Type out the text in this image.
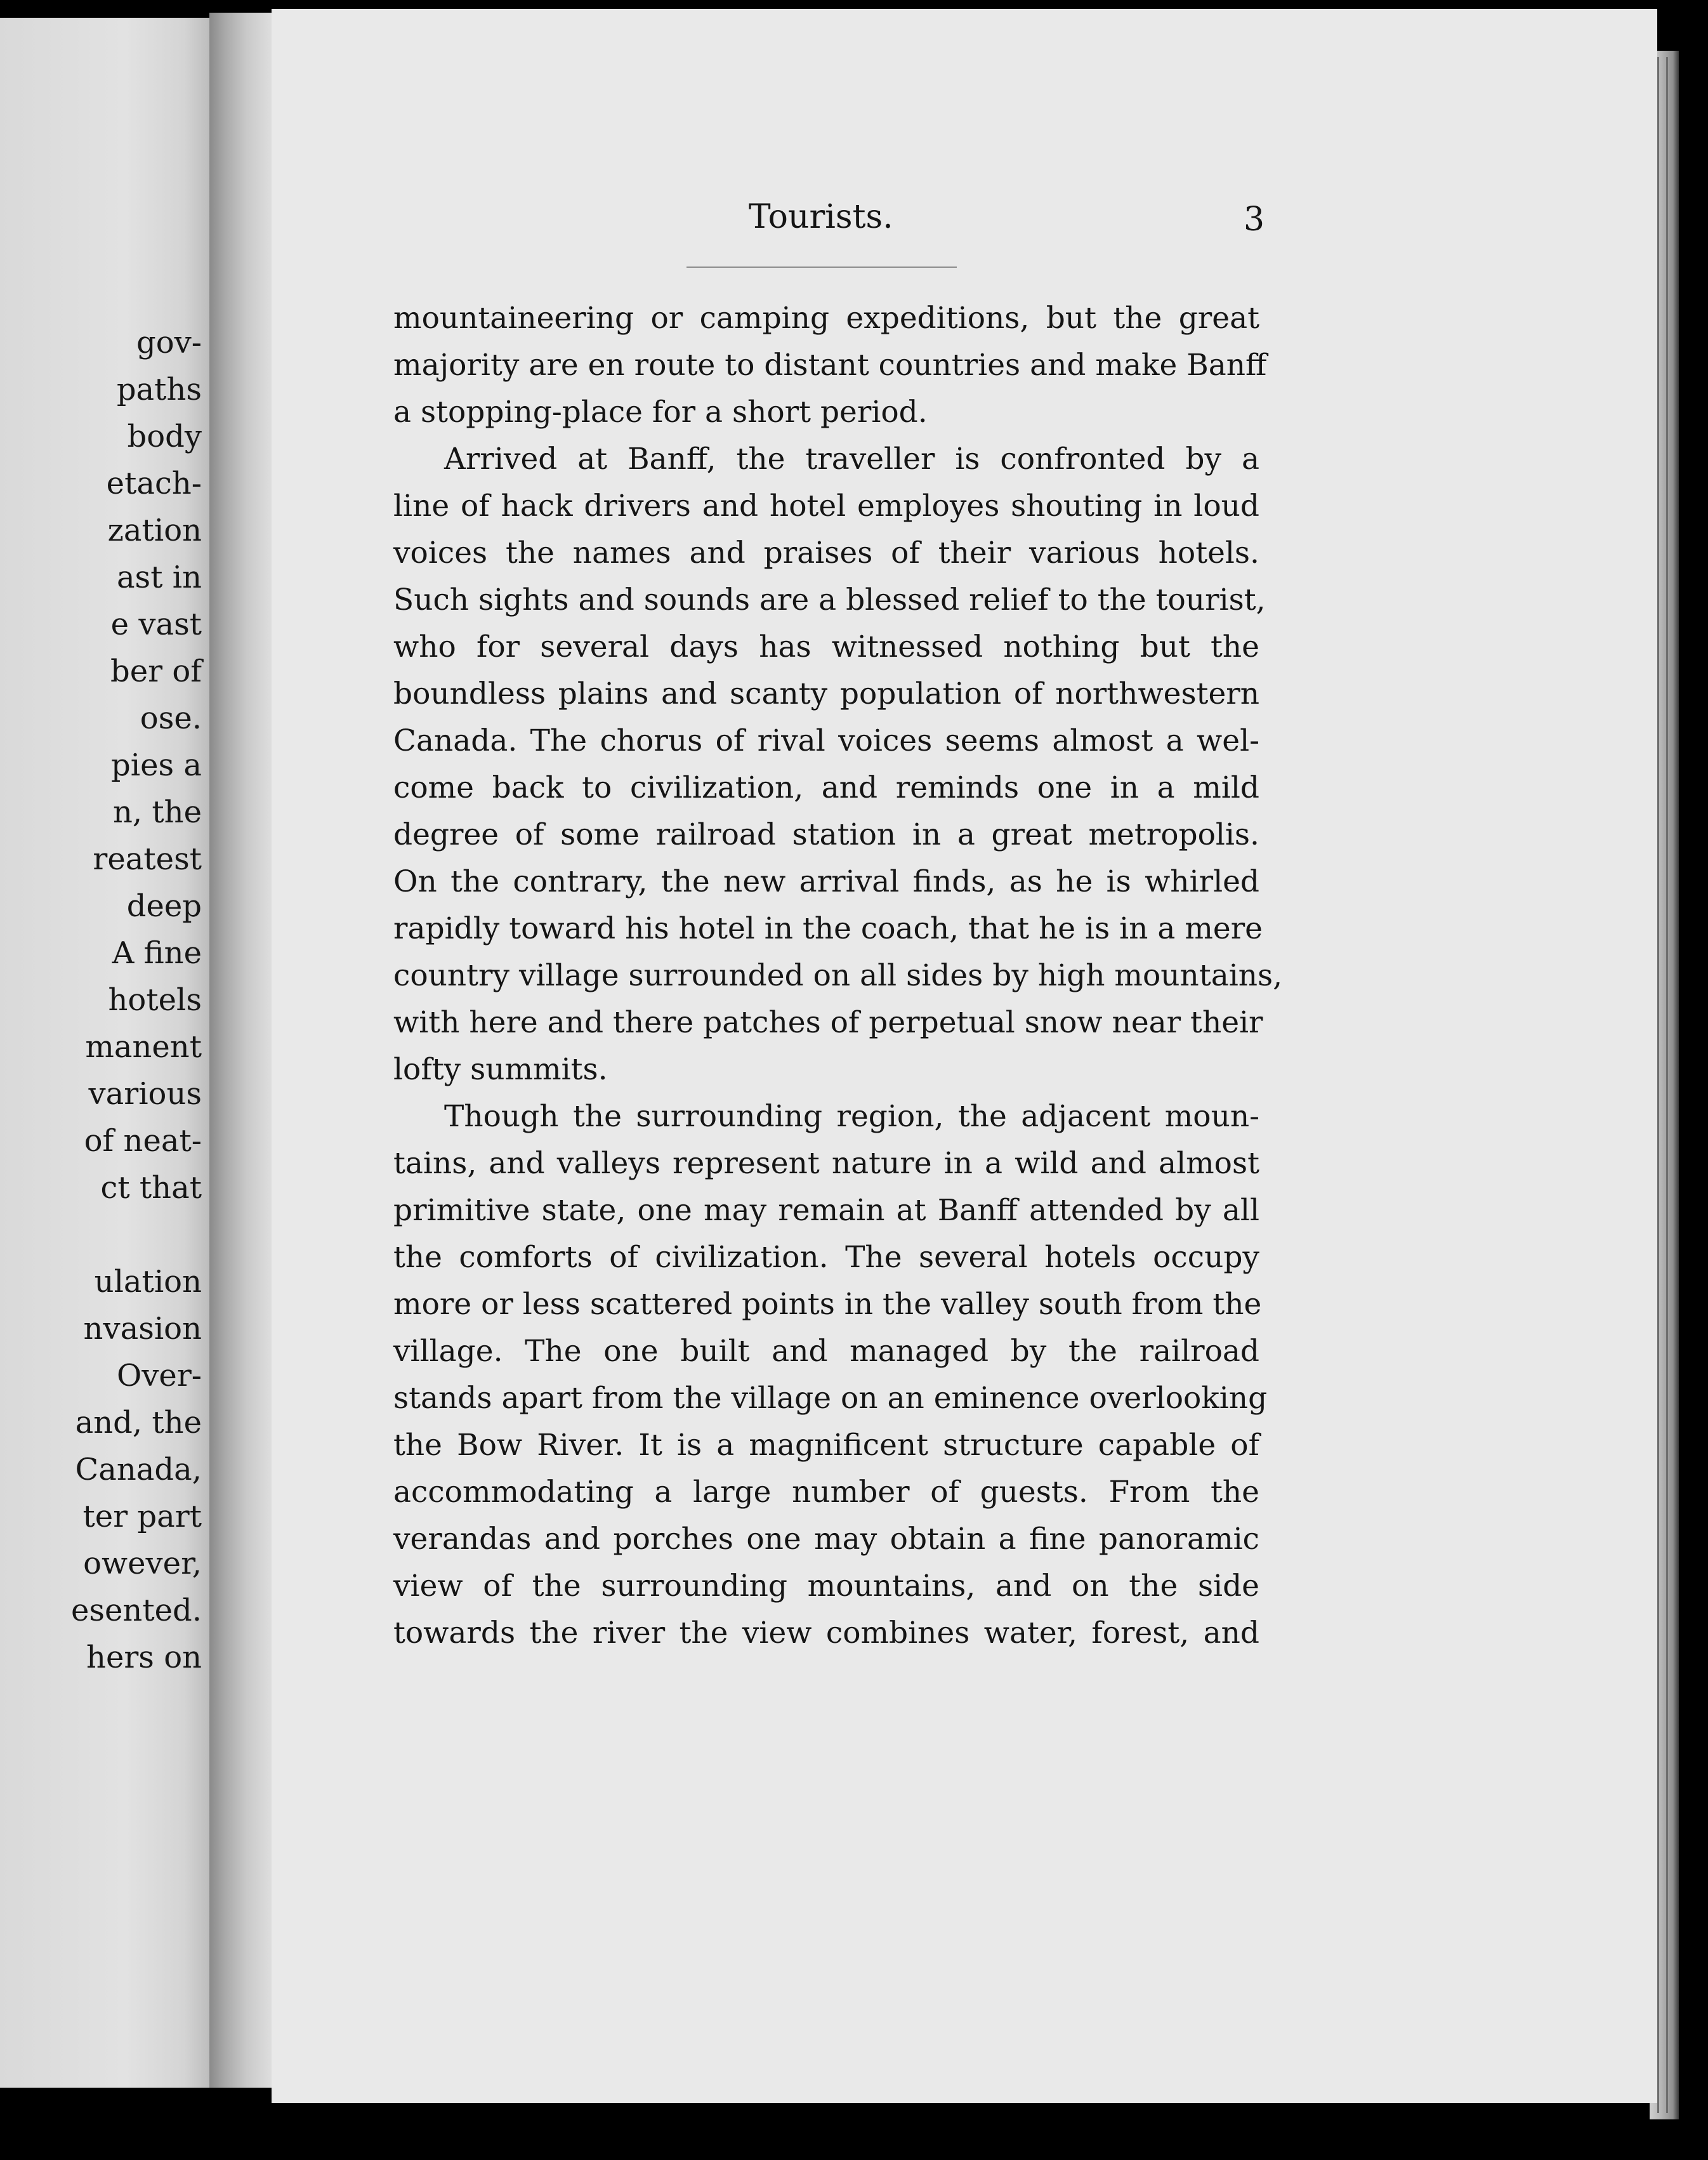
gov-

paths

body

etach-

zation

ast in

e vast

ber of

ose.

pies a

n, the

reatest

deep

A fine

hotels

manent

various

of neat-

ct that

ulation

nvasion

Over-

and, the

Canada,

ter part

owever,

esented.

hers on

Tourists.	3

mountaineering or camping expeditions, but the great

majority are en route to distant countries and make Banff

a stopping-place for a short period.

Arrived at Banff, the traveller is confronted by a

line of hack drivers and hotel employes shouting in loud

voices the names and praises of their various hotels.

Such sights and sounds are a blessed relief to the tourist,

who for several days has witnessed nothing but the

boundless plains and scanty population of northwestern

Canada. The chorus of rival voices seems almost a wel-

come back to civilization, and reminds one in a mild

degree of some railroad station in a great metropolis.

On the contrary, the new arrival finds, as he is whirled

rapidly toward his hotel in the coach, that he is in a mere

country village surrounded on all sides by high mountains,

with here and there patches of perpetual snow near their

lofty summits.

Though the surrounding region, the adjacent moun-

tains, and valleys represent nature in a wild and almost

primitive state, one may remain at Banff attended by all

the comforts of civilization. The several hotels occupy

more or less scattered points in the valley south from the

village. The one built and managed by the railroad

stands apart from the village on an eminence overlooking

the Bow River. It is a magnificent structure capable of

accommodating a large number of guests. From the

verandas and porches one may obtain a fine panoramic

view of the surrounding mountains, and on the side

towards the river the view combines water, forest, and
